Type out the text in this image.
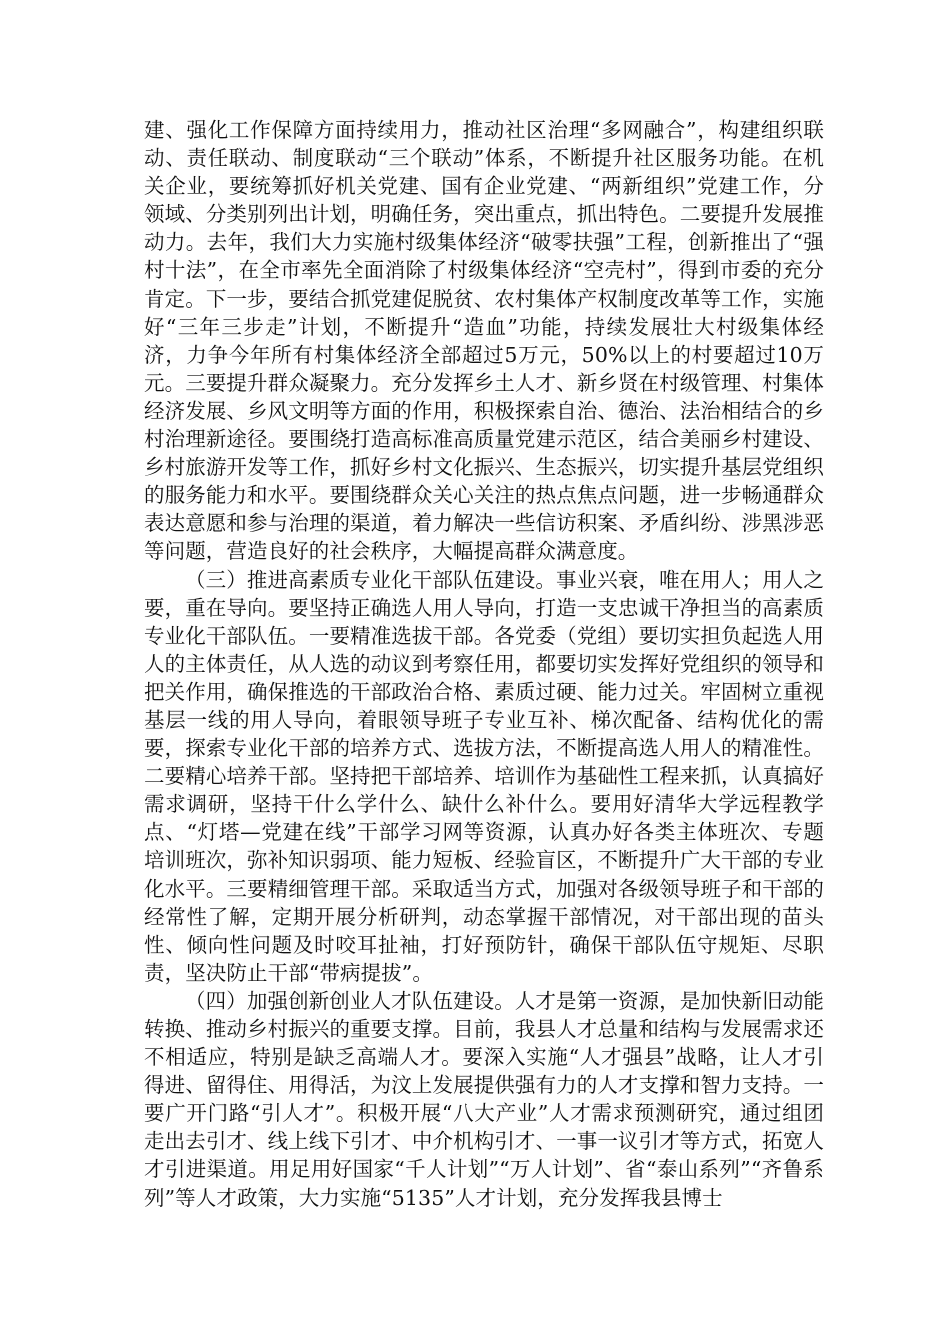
建、强化工作保障方面持续用力，推动社区治理“多网融合”，构建组织联动、责任联动、制度联动“三个联动”体系，不断提升社区服务功能。在机关企业，要统筹抓好机关党建、国有企业党建、“两新组织”党建工作，分领域、分类别列出计划，明确任务，突出重点，抓出特色。二要提升发展推动力。去年，我们大力实施村级集体经济“破零扶强”工程，创新推出了“强村十法”，在全市率先全面消除了村级集体经济“空壳村”，得到市委的充分肯定。下一步，要结合抓党建促脱贫、农村集体产权制度改革等工作，实施好“三年三步走”计划，不断提升“造血”功能，持续发展壮大村级集体经济，力争今年所有村集体经济全部超过5万元，50%以上的村要超过10万元。三要提升群众凝聚力。充分发挥乡土人才、新乡贤在村级管理、村集体经济发展、乡风文明等方面的作用，积极探索自治、德治、法治相结合的乡村治理新途径。要围绕打造高标准高质量党建示范区，结合美丽乡村建设、乡村旅游开发等工作，抓好乡村文化振兴、生态振兴，切实提升基层党组织的服务能力和水平。要围绕群众关心关注的热点焦点问题，进一步畅通群众表达意愿和参与治理的渠道，着力解决一些信访积案、矛盾纠纷、涉黑涉恶等问题，营造良好的社会秩序，大幅提高群众满意度。

（三）推进高素质专业化干部队伍建设。事业兴衰，唯在用人；用人之要，重在导向。要坚持正确选人用人导向，打造一支忠诚干净担当的高素质专业化干部队伍。一要精准选拔干部。各党委（党组）要切实担负起选人用人的主体责任，从人选的动议到考察任用，都要切实发挥好党组织的领导和把关作用，确保推选的干部政治合格、素质过硬、能力过关。牢固树立重视基层一线的用人导向，着眼领导班子专业互补、梯次配备、结构优化的需要，探索专业化干部的培养方式、选拔方法，不断提高选人用人的精准性。二要精心培养干部。坚持把干部培养、培训作为基础性工程来抓，认真搞好需求调研，坚持干什么学什么、缺什么补什么。要用好清华大学远程教学点、“灯塔—党建在线”干部学习网等资源，认真办好各类主体班次、专题培训班次，弥补知识弱项、能力短板、经验盲区，不断提升广大干部的专业化水平。三要精细管理干部。采取适当方式，加强对各级领导班子和干部的经常性了解，定期开展分析研判，动态掌握干部情况，对干部出现的苗头性、倾向性问题及时咬耳扯袖，打好预防针，确保干部队伍守规矩、尽职责，坚决防止干部“带病提拔”。

（四）加强创新创业人才队伍建设。人才是第一资源，是加快新旧动能转换、推动乡村振兴的重要支撑。目前，我县人才总量和结构与发展需求还不相适应，特别是缺乏高端人才。要深入实施“人才强县”战略，让人才引得进、留得住、用得活，为汶上发展提供强有力的人才支撑和智力支持。一要广开门路“引人才”。积极开展“八大产业”人才需求预测研究，通过组团走出去引才、线上线下引才、中介机构引才、一事一议引才等方式，拓宽人才引进渠道。用足用好国家“千人计划”“万人计划”、省“泰山系列”“齐鲁系列”等人才政策，大力实施“5135”人才计划，充分发挥我县博士
